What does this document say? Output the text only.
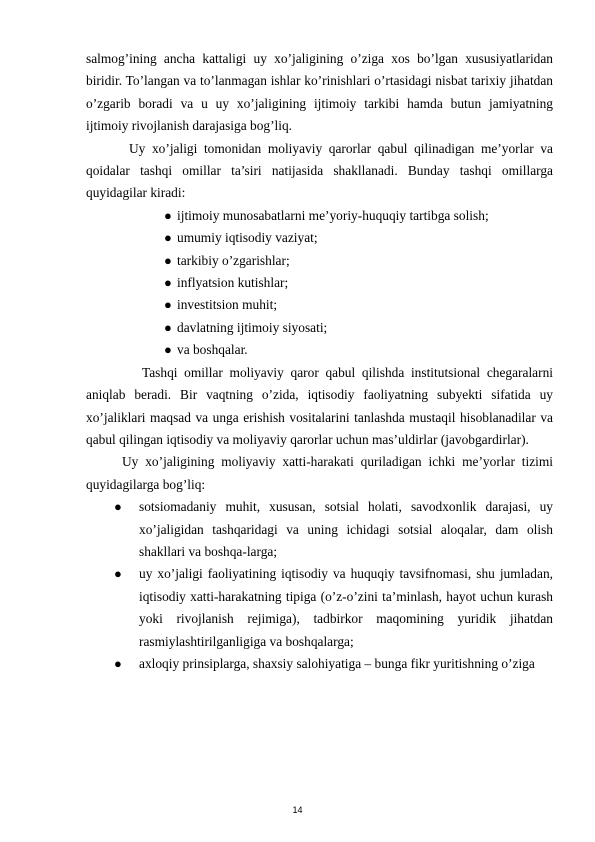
salmog’ining ancha kattaligi uy xo’jaligining o’ziga xos bo’lgan xususiyatlaridan biridir. To’langan va to’lanmagan ishlar ko’rinishlari o’rtasidagi nisbat tarixiy jihatdan o’zgarib boradi va u uy xo’jaligining ijtimoiy tarkibi hamda butun jamiyatning ijtimoiy rivojlanish darajasiga bog’liq.

Uy xo’jaligi tomonidan moliyaviy qarorlar qabul qilinadigan me’yorlar va qoidalar tashqi omillar ta’siri natijasida shakllanadi. Bunday tashqi omillarga quyidagilar kiradi:

● ijtimoiy munosabatlarni me’yoriy-huquqiy tartibga solish;
● umumiy iqtisodiy vaziyat;
● tarkibiy o’zgarishlar;
● inflyatsion kutishlar;
● investitsion muhit;
● davlatning ijtimoiy siyosati;
● va boshqalar.

Tashqi omillar moliyaviy qaror qabul qilishda institutsional chegaralarni aniqlab beradi. Bir vaqtning o’zida, iqtisodiy faoliyatning subyekti sifatida uy xo’jaliklari maqsad va unga erishish vositalarini tanlashda mustaqil hisoblanadilar va qabul qilingan iqtisodiy va moliyaviy qarorlar uchun mas’uldirlar (javobgardirlar).

Uy xo’jaligining moliyaviy xatti-harakati quriladigan ichki me’yorlar tizimi quyidagilarga bog’liq:

● sotsiomadaniy muhit, xususan, sotsial holati, savodxonlik darajasi, uy xo’jaligidan tashqaridagi va uning ichidagi sotsial aloqalar, dam olish shakllari va boshqa-larga;
● uy xo’jaligi faoliyatining iqtisodiy va huquqiy tavsifnomasi, shu jumladan, iqtisodiy xatti-harakatning tipiga (o’z-o’zini ta’minlash, hayot uchun kurash yoki rivojlanish rejimiga), tadbirkor maqomining yuridik jihatdan rasmiylashtirilganligiga va boshqalarga;
● axloqiy prinsiplarga, shaxsiy salohiyatiga – bunga fikr yuritishning o’ziga
14
